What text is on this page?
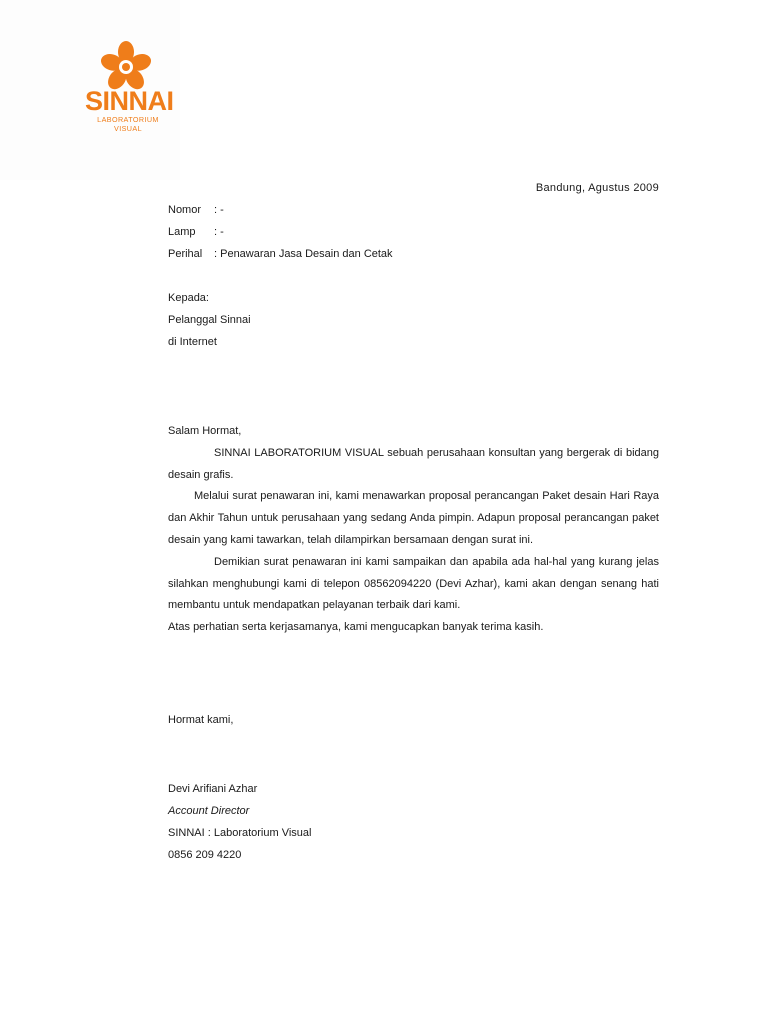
SINNAI
LABORATORIUM VISUAL
Bandung, Agustus 2009
Nomor : -
Lamp : -
Perihal : Penawaran Jasa Desain dan Cetak
Kepada:
Pelanggal Sinnai
di Internet

Salam Hormat,

SINNAI LABORATORIUM VISUAL sebuah perusahaan konsultan yang bergerak di bidang desain grafis.

Melalui surat penawaran ini, kami menawarkan proposal perancangan Paket desain Hari Raya dan Akhir Tahun untuk perusahaan yang sedang Anda pimpin. Adapun proposal perancangan paket desain yang kami tawarkan, telah dilampirkan bersamaan dengan surat ini.

Demikian surat penawaran ini kami sampaikan dan apabila ada hal-hal yang kurang jelas silahkan menghubungi kami di telepon 08562094220 (Devi Azhar), kami akan dengan senang hati membantu untuk mendapatkan pelayanan terbaik dari kami.

Atas perhatian serta kerjasamanya, kami mengucapkan banyak terima kasih.

Hormat kami,
Devi Arifiani Azhar
Account Director
SINNAI : Laboratorium Visual
0856 209 4220
